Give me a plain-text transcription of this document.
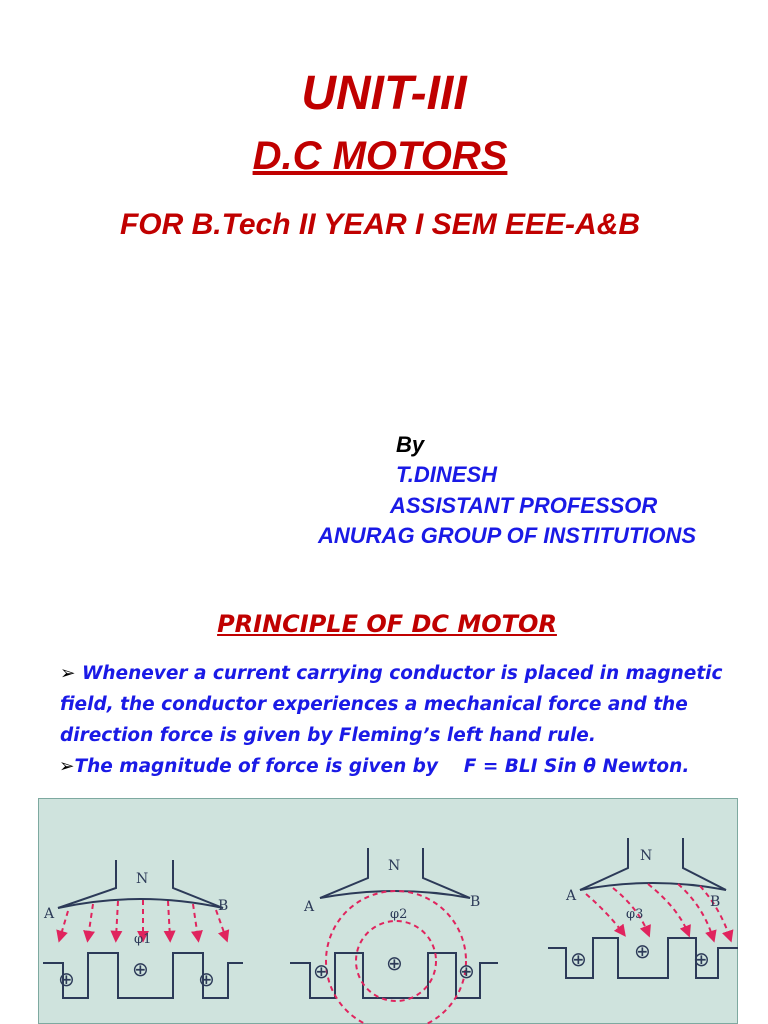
UNIT-III
D.C MOTORS
FOR B.Tech II YEAR I SEM EEE-A&B
By
T.DINESH
ASSISTANT PROFESSOR
ANURAG GROUP OF INSTITUTIONS
PRINCIPLE OF DC MOTOR
➢ Whenever a current carrying conductor is placed in magnetic field, the conductor experiences a mechanical force and the direction force is given by Fleming’s left hand rule.
➢The magnitude of force is given by F = BLI Sin θ Newton.
N
A	B
φ1
⊕	⊕ ⊕
N
A	B
φ2
⊕	⊕	⊕
N
A	B
φ3
⊕ ⊕ ⊕
